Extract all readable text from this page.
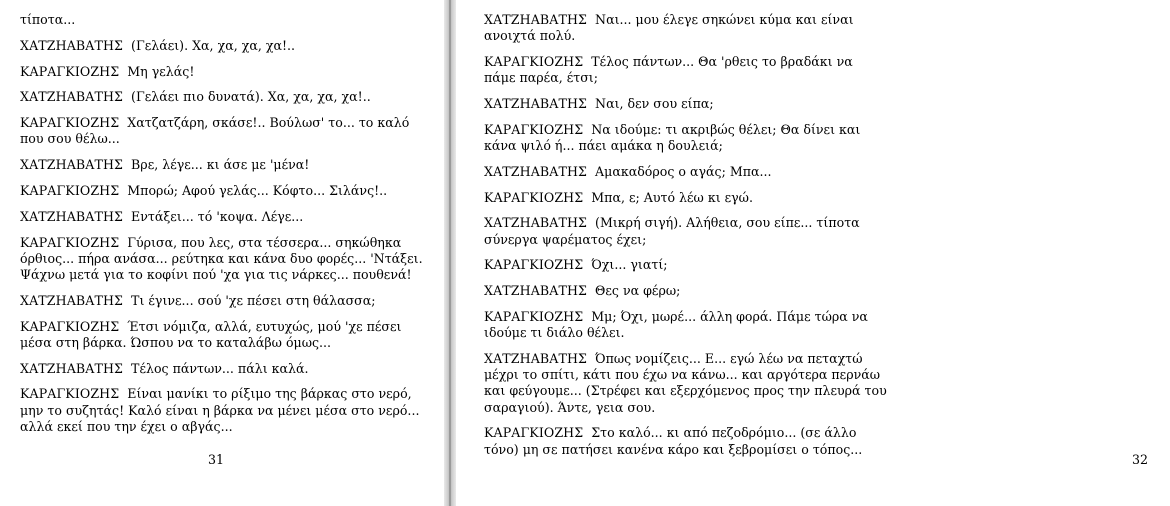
τίποτα...

ΧΑΤΖΗΑΒΑΤΗΣ (Γελάει). Χα, χα, χα, χα!..

ΚΑΡΑΓΚΙΟΖΗΣ Μη γελάς!

ΧΑΤΖΗΑΒΑΤΗΣ (Γελάει πιο δυνατά). Χα, χα, χα, χα!..

ΚΑΡΑΓΚΙΟΖΗΣ Χατζατζάρη, σκάσε!.. Βούλωσ' το... το καλό που σου θέλω...

ΧΑΤΖΗΑΒΑΤΗΣ Βρε, λέγε... κι άσε με 'μένα!

ΚΑΡΑΓΚΙΟΖΗΣ Μπορώ; Αφού γελάς... Κόφτο... Σιλάνς!..

ΧΑΤΖΗΑΒΑΤΗΣ Εντάξει... τό 'κοψα. Λέγε...

ΚΑΡΑΓΚΙΟΖΗΣ Γύρισα, που λες, στα τέσσερα... σηκώθηκα όρθιος... πήρα ανάσα... ρεύτηκα και κάνα δυο φορές... 'Ντάξει. Ψάχνω μετά για το κοφίνι πού 'χα για τις νάρκες... πουθενά!

ΧΑΤΖΗΑΒΑΤΗΣ Τι έγινε... σού 'χε πέσει στη θάλασσα;

ΚΑΡΑΓΚΙΟΖΗΣ Έτσι νόμιζα, αλλά, ευτυχώς, μού 'χε πέσει μέσα στη βάρκα. Ώσπου να το καταλάβω όμως...

ΧΑΤΖΗΑΒΑΤΗΣ Τέλος πάντων... πάλι καλά.

ΚΑΡΑΓΚΙΟΖΗΣ Είναι μανίκι το ρίξιμο της βάρκας στο νερό, μην το συζητάς! Καλό είναι η βάρκα να μένει μέσα στο νερό... αλλά εκεί που την έχει ο αβγάς...

31

ΧΑΤΖΗΑΒΑΤΗΣ Ναι... μου έλεγε σηκώνει κύμα και είναι ανοιχτά πολύ.

ΚΑΡΑΓΚΙΟΖΗΣ Τέλος πάντων... Θα 'ρθεις το βραδάκι να πάμε παρέα, έτσι;

ΧΑΤΖΗΑΒΑΤΗΣ Ναι, δεν σου είπα;

ΚΑΡΑΓΚΙΟΖΗΣ Να ιδούμε: τι ακριβώς θέλει; Θα δίνει και κάνα ψιλό ή... πάει αμάκα η δουλειά;

ΧΑΤΖΗΑΒΑΤΗΣ Αμακαδόρος ο αγάς; Μπα...

ΚΑΡΑΓΚΙΟΖΗΣ Μπα, ε; Αυτό λέω κι εγώ.

ΧΑΤΖΗΑΒΑΤΗΣ (Μικρή σιγή). Αλήθεια, σου είπε... τίποτα σύνεργα ψαρέματος έχει;

ΚΑΡΑΓΚΙΟΖΗΣ Όχι... γιατί;

ΧΑΤΖΗΑΒΑΤΗΣ Θες να φέρω;

ΚΑΡΑΓΚΙΟΖΗΣ Μμ; Όχι, μωρέ... άλλη φορά. Πάμε τώρα να ιδούμε τι διάλο θέλει.

ΧΑΤΖΗΑΒΑΤΗΣ Όπως νομίζεις... Ε... εγώ λέω να πεταχτώ μέχρι το σπίτι, κάτι που έχω να κάνω... και αργότερα περνάω και φεύγουμε... (Στρέφει και εξερχόμενος προς την πλευρά του σαραγιού). Άντε, γεια σου.

ΚΑΡΑΓΚΙΟΖΗΣ Στο καλό... κι από πεζοδρόμιο... (σε άλλο τόνο) μη σε πατήσει κανένα κάρο και ξεβρομίσει ο τόπος...

32
